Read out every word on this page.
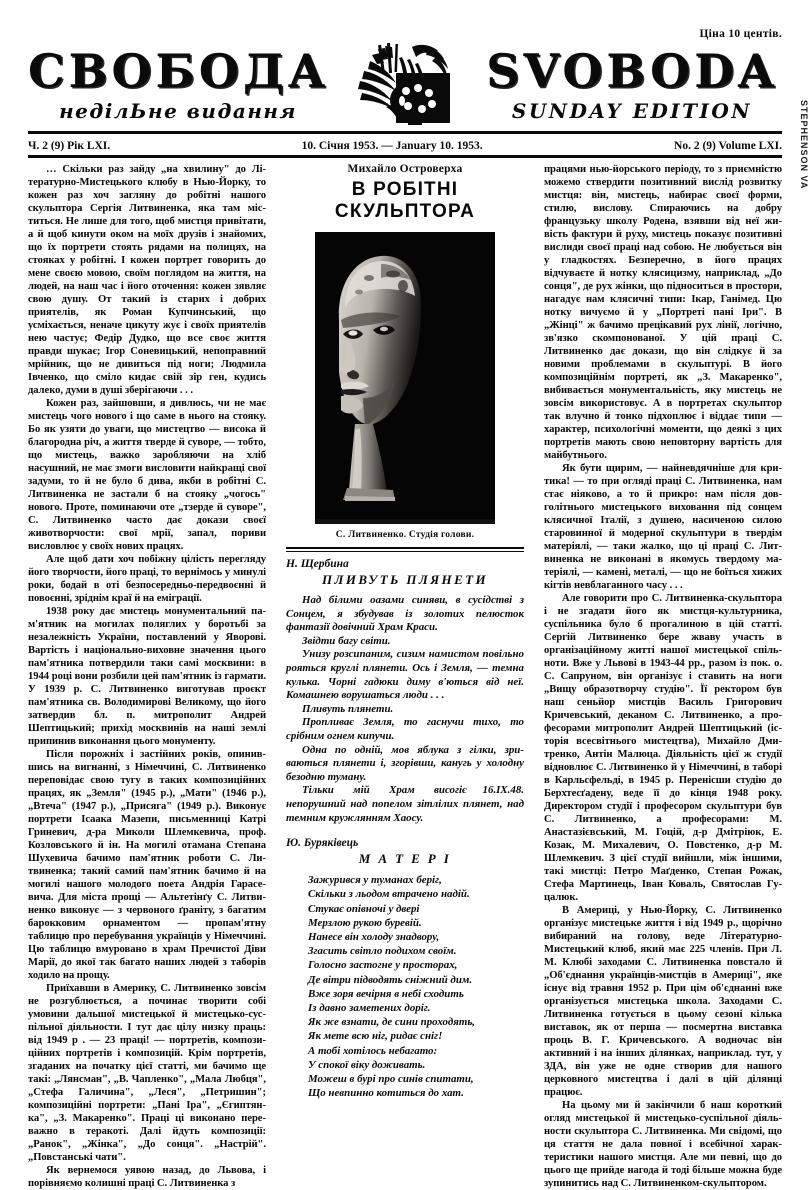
Ціна 10 центів.
СВОБОДА
неділЬне видання
SVOBODA
SUNDAY EDITION
Ч. 2 (9) Рік LXI.	10. Січня 1953. — January 10. 1953.	No. 2 (9) Volume LXI. STEPHENSON VA

… Скільки раз зайду „на хвилину" до Літературно-Мистецького клюбу в Нью-Йорку, то кожен раз хоч загляну до робітні нашого скульптора Сергія Литвиненка, яка там міститься. Не лише для того, щоб мистця привітати, а й щоб кинути оком на моїх друзів і знайомих, що їх портрети стоять рядами на полицях, на стояках у робітні. І кожен портрет говорить до мене своєю мовою, своїм поглядом на життя, на людей, на наш час і його оточення: кожен зявляє свою душу. От такий із старих і добрих приятелів, як Роман Купчинський, що усміхається, неначе цикуту жує і своїх приятелів нею частує; Федір Дудко, що все своє життя правди шукає; Ігор Соневицький, непоправний мрійник, що не дивиться під ноги; Людмила Івченко, що сміло кидає свій зір ген, кудись далеко, думи в душі зберігаючи . . .

Кожен раз, зайшовши, я дивлюсь, чи не має мистець чого нового і що саме в нього на стояку. Бо як узяти до уваги, що мистецтво — висока й благородна річ, а життя тверде й суворе, — тобто, що мистець, важко заробляючи на хліб насушний, не має змоги висловити найкращі свої задуми, то й не було б дива, якби в робітні С. Литвиненка не застали б на стояку „чогось" нового. Проте, поминаючи оте „тзерде й суворе", С. Литвиненко часто дає докази своєї животворчости: свої мрії, запал, пориви висловлює у своїх нових працях.

Але щоб дати хоч побіжну цілість перегляду його творчости, його праці, то вернімось у минулі роки, бодай в оті безпосередньо-передвоєнні й повоєнні, зріднім краї й на еміграції.

1938 року дає мистець монументальний пам'ятник на могилах поляглих у боротьбі за незалежність України, поставлений у Яворові. Вартість і національно-виховне значення цього пам'ятника потвердили таки самі москвини: в 1944 році вони розбили цей пам'ятник із гармати. У 1939 р. С. Литвиненко виготував проєкт пам'ятника св. Володимирові Великому, що його затвердив бл. п. митрополит Андрей Шептицький; прихід москвинів на наші землі припинив виконання цього монументу.

Після порожніх і застійних років, опинившись на вигнанні, з Німеччині, С. Литвиненко переповідає свою тугу в таких композиційних працях, як „Земля" (1945 р.), „Мати" (1946 р.), „Втеча" (1947 р.), „Присяга" (1949 р.). Виконує портрети Ісаака Мазепи, письменниці Катрі Гриневич, д-ра Миколи Шлемкевича, проф. Козловського й ін. На могилі отамана Степана Шухевича бачимо пам'ятник роботи С. Литвиненка; такий самий пам'ятник бачимо й на могилі нашого молодого поета Андрія Гарасевича. Для міста прощі — Альтетінґу С. Литвиненко виконує — з червоного ґраніту, з багатим барокковим орнаментом — пропам'ятну таблицю про перебування українців у Німеччині. Цю таблицю вмуровано в храм Пречистої Діви Марії, до якої так багато наших людей з таборів ходило на прощу.

Приїхавши в Америку, С. Литвиненко зовсім не розгублюється, а починає творити собі умовини дальшої мистецької й мистецько-суспільної діяльности. І тут дає цілу низку праць: від 1949 р . — 23 праці! — портретів, композиційних портретів і композицій. Крім портретів, згаданих на початку цієї статті, ми бачимо ще такі: „Лянсман", „В. Чапленко", „Мала Любця", „Стефа Галичина", „Леся", „Петришин"; композиційні портрети: „Пані Іра", „Єгиптянка", „З. Макаренко". Праці ці виконано переважно в теракоті. Далі йдуть композиції: „Ранок", „Жінка", „До сонця". „Настрій". „Повстанські чати".

Як вернемося уявою назад, до Львова, і порівняємо колишні праці С. Литвиненка з

Михайло Островерха
В РОБІТНІ СКУЛЬПТОРА
С. Литвиненко. Студія голови.
Н. Щербина
ПЛИВУТЬ ПЛЯНЕТИ

Над білими оазами синяви, в сусідстві з Сонцем, я збудував із золотих пелюсток фантазії довічний Храм Краси.

Звідти багу світи.

Унизу розсипаним, сизим намистом повільно рояться круглі плянети. Ось і Земля, — темна кулька. Чорні гадюки диму в'ються від неї. Комашнею ворушаться люди . . .

Пливуть плянети.

Пропливає Земля, то гаснучи тихо, то срібним огнем кипучи.

Одна по одній, мов яблука з гілки, зриваються плянети і, згорівши, канугь у холодну безодню туману.

16.IX.48.
Тільки мій Храм висогіє непорушний над попелом зітлілих плянет, над темним кружлянням Хаосу.

Ю. Буряківець
М А Т Е Р І
Зажурився у туманах беріг,
Скільки з льодом втрачено надій.
Стукає опівночі у двері
Мерзлою рукою буревій.
Нанесе він холоду знадвору,
Згасить світло подихом своїм.
Голосно застогне у просторах,
Де вітри підводять сніжний дим.
Вже зоря вечірня в небі сходить
Із давно заметених доріг.
Як же взнати, де сини проходять,
Як мете всю ніг, ридає сніг!
А тобі хотілось небагато:
У спокої віку доживать.
Можеш в бурі про синів спитати,
Що невпинно котиться до хат.

працями нью-йорського періоду, то з приємністю можемо ствердити позитивний вислід розвитку мистця: він, мистець, набирає своєї форми, стилю, вислову. Спираючись на добру французьку школу Родена, взявши від неї живість фактури й руху, мистець показує позитивні вислиди своєї праці над собою. Не любується він у гладкостях. Безперечно, в його працях відчуваєте й нотку клясицизму, наприклад, „До сонця", де рух жінки, що підноситься в простори, нагадує нам клясичні типи: Ікар, Ганімед. Цю нотку вичуємо й у „Портреті пані Іри". В „Жінці" ж бачимо прецікавий рух лінії, логічно, зв'язко скомпонованої. У цій праці С. Литвиненко дає докази, що він слідкує й за новими проблемами в скульптурі. В його композиційнім портреті, як „З. Макаренко", вибивається монументальність, яку мистець не зовсім використовує. А в портретах скульптор так влучно й тонко підхоплює і віддає типи — характер, психологічні моменти, що деякі з цих портретів мають свою неповторну вартість для майбутнього.

Як бути щирим, — найневдячніше для критика! — то при огляді праці С. Литвиненка, нам стає ніяково, а то й прикро: нам після довголітнього мистецького виховання під сонцем клясичної Італії, з душею, насиченою силою старовинної й модерної скульптури в твердім матеріялі, — таки жалко, що ці праці С. Литвиненка не виконані в якомусь твердому матеріялі, — камені, металі, — що не боїться хижих кігтів невблаганного часу . . .

Але говорити про С. Литвиненка-скульптора і не згадати його як мистця-культурника, суспільника було б прогалиною в цій статті. Сергій Литвиненко бере жваву участь в організаційному житті нашої мистецької спільноти. Вже у Львові в 1943-44 рр., разом із пок. о. С. Сапруном, він організує і ставить на ноги „Вищу образотворчу студію". Її ректором був наш сеньйор мистців Василь Григорович Кричевський, деканом С. Литвиненко, а професорами митрополит Андрей Шептицький (історія всесвітнього мистецтва), Михайло Дмитренко, Антін Малюца. Діяльність цієї ж студії відновлює С. Литвиненко й у Німеччині, в таборі в Карльсфельді, в 1945 р. Перенісши студію до Берхтесґадену, веде її до кінця 1948 року. Директором студії і професором скульптури був С. Литвиненко, а професорами: М. Анастазієвський, М. Гоцій, д-р Дмітріюк, Е. Козак, М. Михалевич, О. Повстенко, д-р М. Шлемкевич. З цієї студії вийшли, між іншими, такі мистці: Петро Маґденко, Степан Рожак, Стефа Мартинець, Іван Коваль, Святослав Гуцалюк.

В Америці, у Нью-Йорку, С. Литвиненко організує мистецьке життя і від 1949 р., щорічно вибираний на голову, веде Літературно-Мистецький клюб, який має 225 членів. При Л. М. Клюбі заходами С. Литвиненка повстало й „Об'єднання українців-мистців в Америці", яке існує від травня 1952 р. При цім об'єднанні вже організується мистецька школа. Заходами С. Литвиненка готується в цьому сезоні кілька виставок, як от перша — посмертна виставка проць В. Г. Кричевського. А водночас він активний і на інших ділянках, наприклад. тут, у ЗДА, він уже не одне створив для нашого церковного мистецтва і далі в цій ділянці працює.

На цьому ми й закінчили б наш короткий огляд мистецької й мистецько-суспільної діяльности скульптора С. Литвиненка. Ми свідомі, що ця стаття не дала повної і всебічної характеристики нашого мистця. Але ми певні, що до цього ще прийде нагода й тоді більше можна буде зупинитись над С. Литвиненком-скульптором.
